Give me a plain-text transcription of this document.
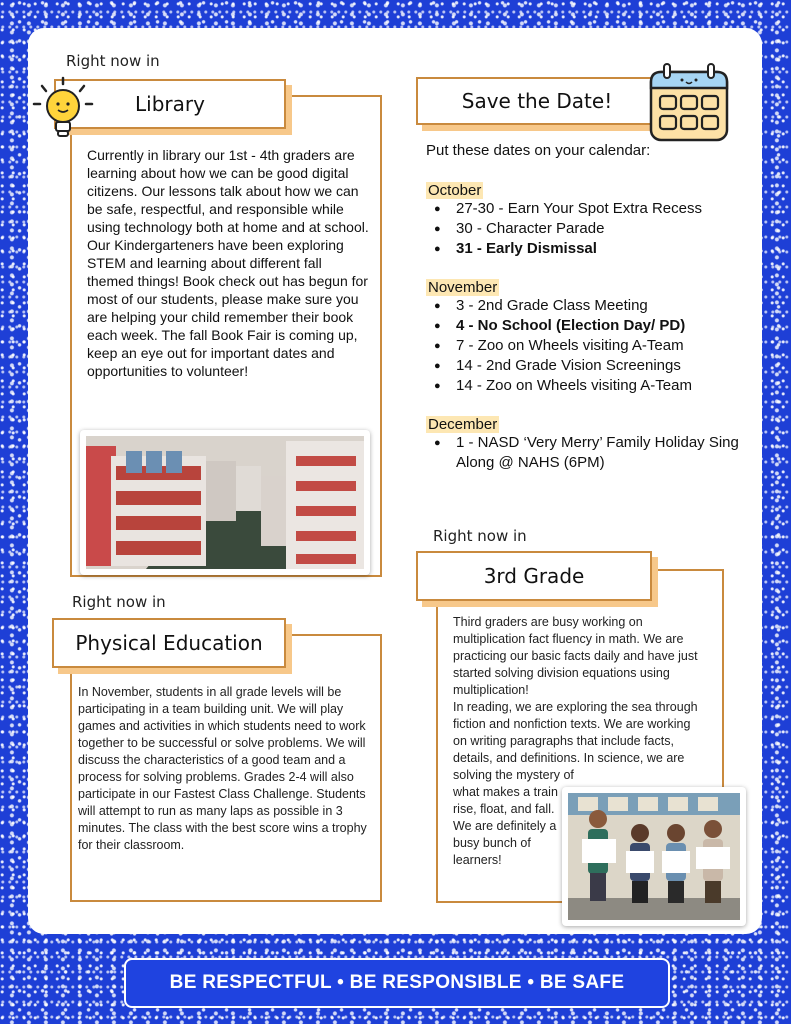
Right now in
Library
Currently in library our 1st - 4th graders are learning about how we can be good digital citizens. Our lessons talk about how we can be safe, respectful, and responsible while using technology both at home and at school. Our Kindergarteners have been exploring STEM and learning about different fall themed things! Book check out has begun for most of our students, please make sure you are helping your child remember their book each week. The fall Book Fair is coming up, keep an eye out for important dates and opportunities to volunteer!
Save the Date!
Put these dates on your calendar:
October
● 27-30 - Earn Your Spot Extra Recess
● 30 - Character Parade
● 31 - Early Dismissal
November
● 3 - 2nd Grade Class Meeting
● 4 - No School (Election Day/ PD)
● 7 - Zoo on Wheels visiting A-Team
● 14 - 2nd Grade Vision Screenings
● 14 - Zoo on Wheels visiting A-Team
December
● 1 - NASD ‘Very Merry’ Family Holiday Sing Along @ NAHS (6PM)
Right now in
3rd Grade
Third graders are busy working on multiplication fact fluency in math. We are practicing our basic facts daily and have just started solving division equations using multiplication!
In reading, we are exploring the sea through fiction and nonfiction texts. We are working on writing paragraphs that include facts, details, and definitions. In science, we are solving the mystery of
what makes a train rise, float, and fall. We are definitely a busy bunch of learners!
Right now in
Physical Education
In November, students in all grade levels will be participating in a team building unit. We will play games and activities in which students need to work together to be successful or solve problems. We will discuss the characteristics of a good team and a process for solving problems. Grades 2-4 will also participate in our Fastest Class Challenge. Students will attempt to run as many laps as possible in 3 minutes. The class with the best score wins a trophy for their classroom.
BE RESPECTFUL • BE RESPONSIBLE • BE SAFE
